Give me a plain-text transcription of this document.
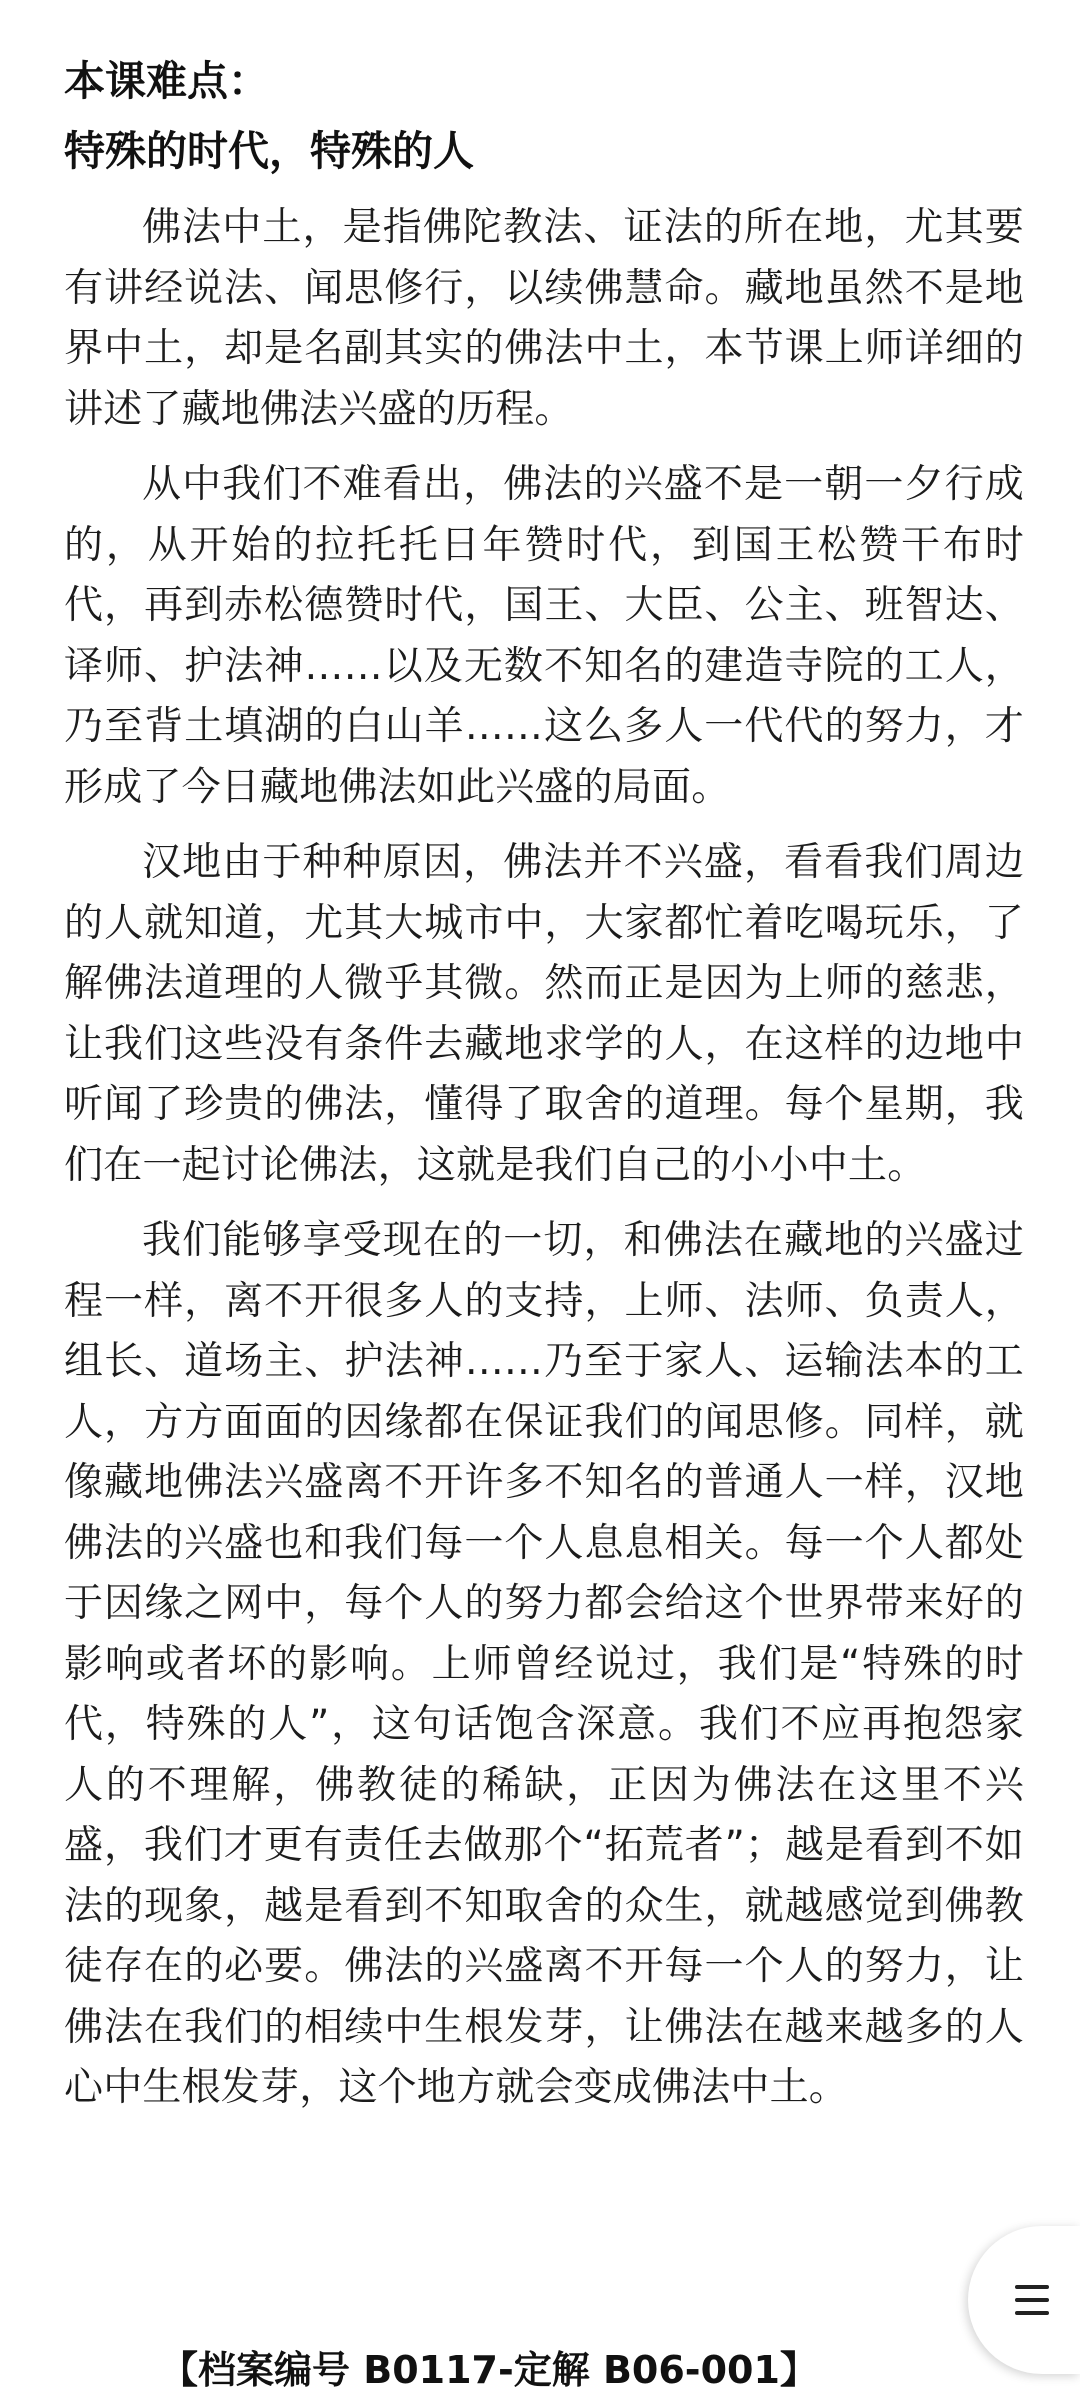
本课难点：
特殊的时代，特殊的人

佛法中土，是指佛陀教法、证法的所在地，尤其要有讲经说法、闻思修行，以续佛慧命。藏地虽然不是地界中土，却是名副其实的佛法中土，本节课上师详细的讲述了藏地佛法兴盛的历程。

从中我们不难看出，佛法的兴盛不是一朝一夕行成的，从开始的拉托托日年赞时代，到国王松赞干布时代，再到赤松德赞时代，国王、大臣、公主、班智达、译师、护法神……以及无数不知名的建造寺院的工人，乃至背土填湖的白山羊……这么多人一代代的努力，才形成了今日藏地佛法如此兴盛的局面。

汉地由于种种原因，佛法并不兴盛，看看我们周边的人就知道，尤其大城市中，大家都忙着吃喝玩乐，了解佛法道理的人微乎其微。然而正是因为上师的慈悲，让我们这些没有条件去藏地求学的人，在这样的边地中听闻了珍贵的佛法，懂得了取舍的道理。每个星期，我们在一起讨论佛法，这就是我们自己的小小中土。

我们能够享受现在的一切，和佛法在藏地的兴盛过程一样，离不开很多人的支持，上师、法师、负责人，组长、道场主、护法神……乃至于家人、运输法本的工人，方方面面的因缘都在保证我们的闻思修。同样，就像藏地佛法兴盛离不开许多不知名的普通人一样，汉地佛法的兴盛也和我们每一个人息息相关。每一个人都处于因缘之网中，每个人的努力都会给这个世界带来好的影响或者坏的影响。上师曾经说过，我们是“特殊的时代，特殊的人”，这句话饱含深意。我们不应再抱怨家人的不理解，佛教徒的稀缺，正因为佛法在这里不兴盛，我们才更有责任去做那个“拓荒者”；越是看到不如法的现象，越是看到不知取舍的众生，就越感觉到佛教徒存在的必要。佛法的兴盛离不开每一个人的努力，让佛法在我们的相续中生根发芽，让佛法在越来越多的人心中生根发芽，这个地方就会变成佛法中土。

【档案编号 B0117-定解 B06-001】
